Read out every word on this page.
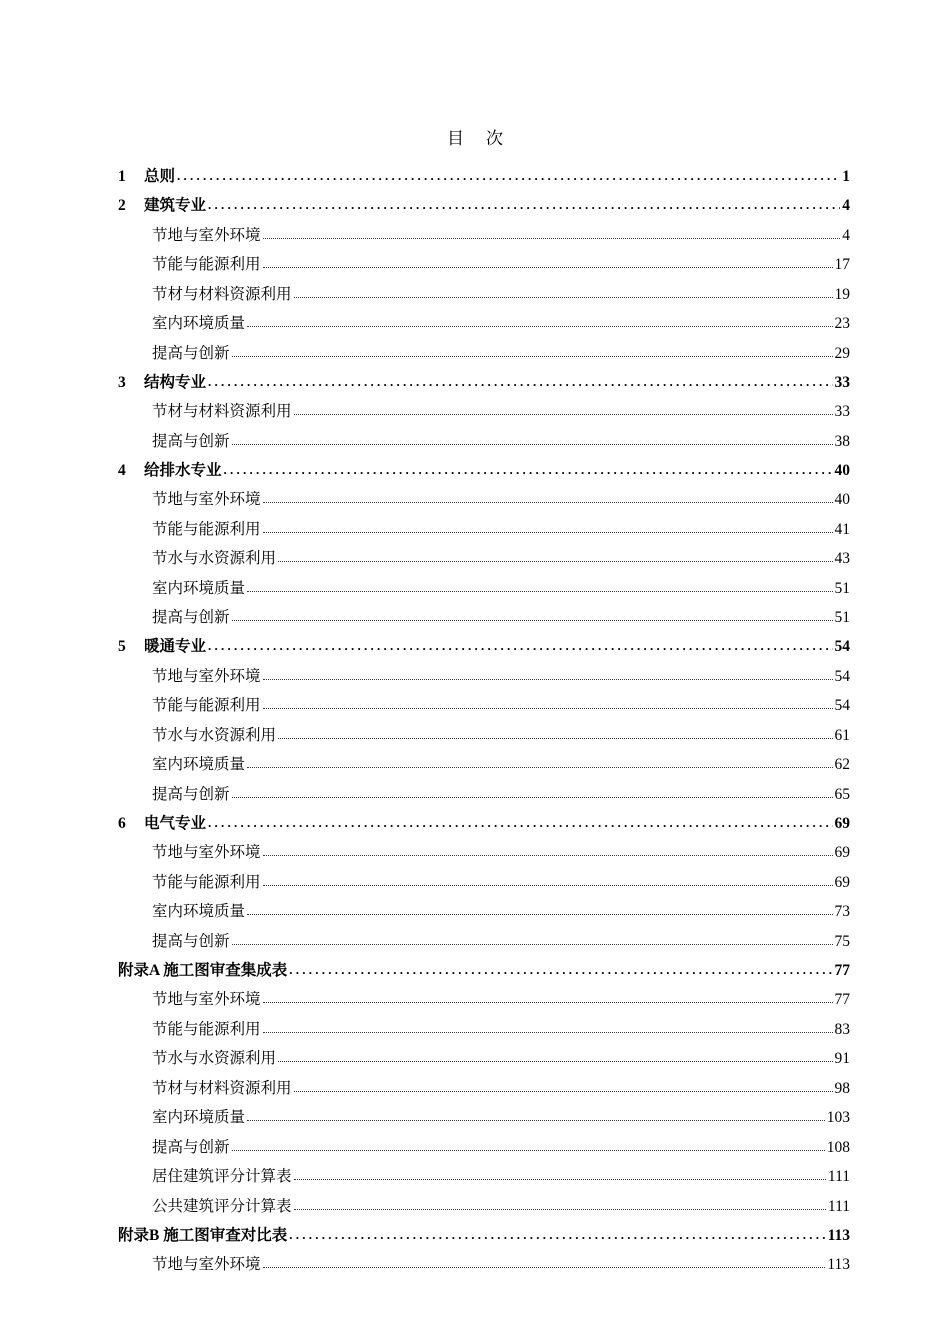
目 次
1	总则 . . .	1
2	建筑专业 . . .	4
节地与室外环境	4
节能与能源利用	17
节材与材料资源利用	19
室内环境质量	23
提高与创新	29
3	结构专业 . . .	33
节材与材料资源利用	33
提高与创新	38
4	给排水专业 . . .	40
节地与室外环境	40
节能与能源利用	41
节水与水资源利用	43
室内环境质量	51
提高与创新	51
5	暖通专业 . . .	54
节地与室外环境	54
节能与能源利用	54
节水与水资源利用	61
室内环境质量	62
提高与创新	65
6	电气专业 . . .	69
节地与室外环境	69
节能与能源利用	69
室内环境质量	73
提高与创新	75
附录A 施工图审查集成表 . . .	77
节地与室外环境	77
节能与能源利用	83
节水与水资源利用	91
节材与材料资源利用	98
室内环境质量	103
提高与创新	108
居住建筑评分计算表	111
公共建筑评分计算表	111
附录B 施工图审查对比表 . . .	113
节地与室外环境	113
